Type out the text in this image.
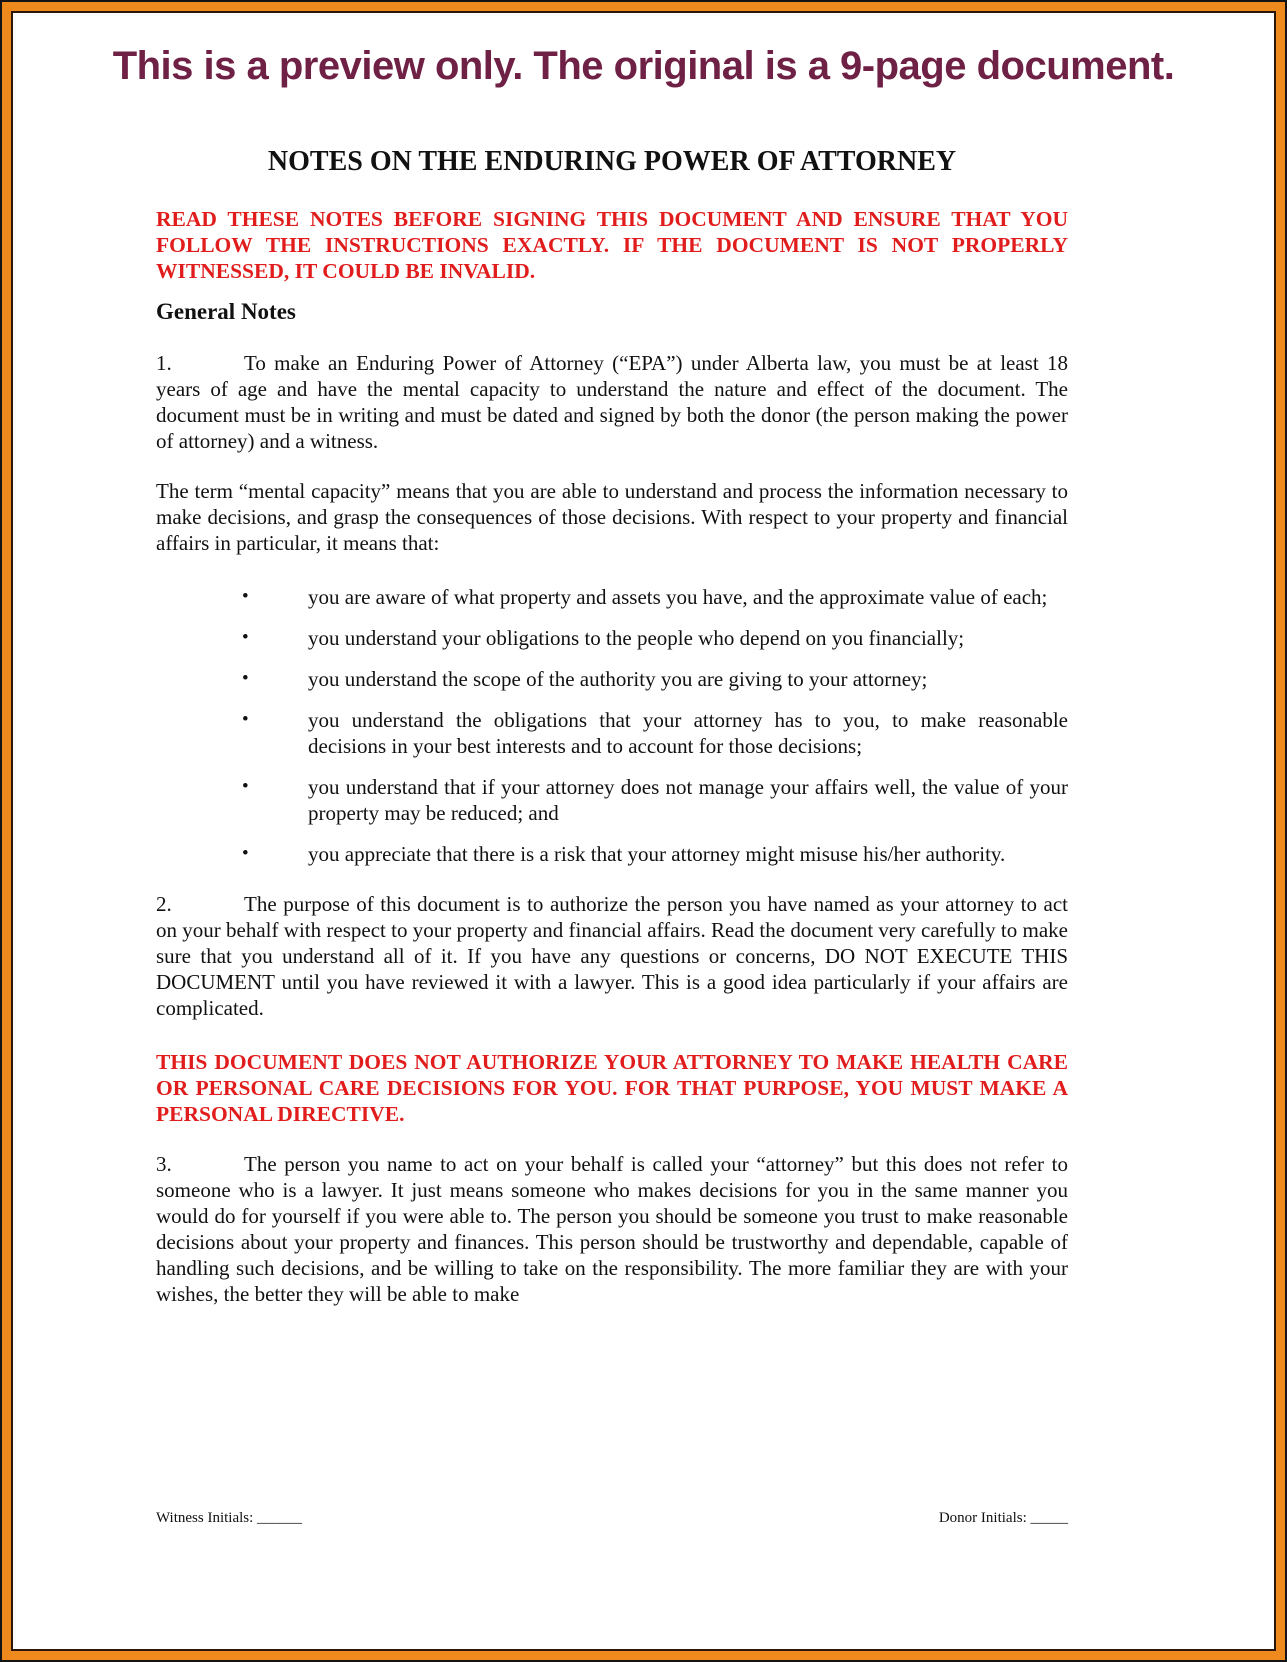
This is a preview only. The original is a 9-page document.
NOTES ON THE ENDURING POWER OF ATTORNEY
READ THESE NOTES BEFORE SIGNING THIS DOCUMENT AND ENSURE THAT YOU FOLLOW THE INSTRUCTIONS EXACTLY. IF THE DOCUMENT IS NOT PROPERLY WITNESSED, IT COULD BE INVALID.
General Notes

1.	To make an Enduring Power of Attorney (“EPA”) under Alberta law, you must be at least 18 years of age and have the mental capacity to understand the nature and effect of the document. The document must be in writing and must be dated and signed by both the donor (the person making the power of attorney) and a witness.

The term “mental capacity” means that you are able to understand and process the information necessary to make decisions, and grasp the consequences of those decisions. With respect to your property and financial affairs in particular, it means that:

•	you are aware of what property and assets you have, and the approximate value of each;
•	you understand your obligations to the people who depend on you financially;
•	you understand the scope of the authority you are giving to your attorney;
•	you understand the obligations that your attorney has to you, to make reasonable decisions in your best interests and to account for those decisions;
•	you understand that if your attorney does not manage your affairs well, the value of your property may be reduced; and
•	you appreciate that there is a risk that your attorney might misuse his/her authority.

2.	The purpose of this document is to authorize the person you have named as your attorney to act on your behalf with respect to your property and financial affairs. Read the document very carefully to make sure that you understand all of it. If you have any questions or concerns, DO NOT EXECUTE THIS DOCUMENT until you have reviewed it with a lawyer. This is a good idea particularly if your affairs are complicated.

THIS DOCUMENT DOES NOT AUTHORIZE YOUR ATTORNEY TO MAKE HEALTH CARE OR PERSONAL CARE DECISIONS FOR YOU. FOR THAT PURPOSE, YOU MUST MAKE A PERSONAL DIRECTIVE.

3.	The person you name to act on your behalf is called your “attorney” but this does not refer to someone who is a lawyer. It just means someone who makes decisions for you in the same manner you would do for yourself if you were able to. The person you should be someone you trust to make reasonable decisions about your property and finances. This person should be trustworthy and dependable, capable of handling such decisions, and be willing to take on the responsibility. The more familiar they are with your wishes, the better they will be able to make

Witness Initials: ______	Donor Initials: _____
